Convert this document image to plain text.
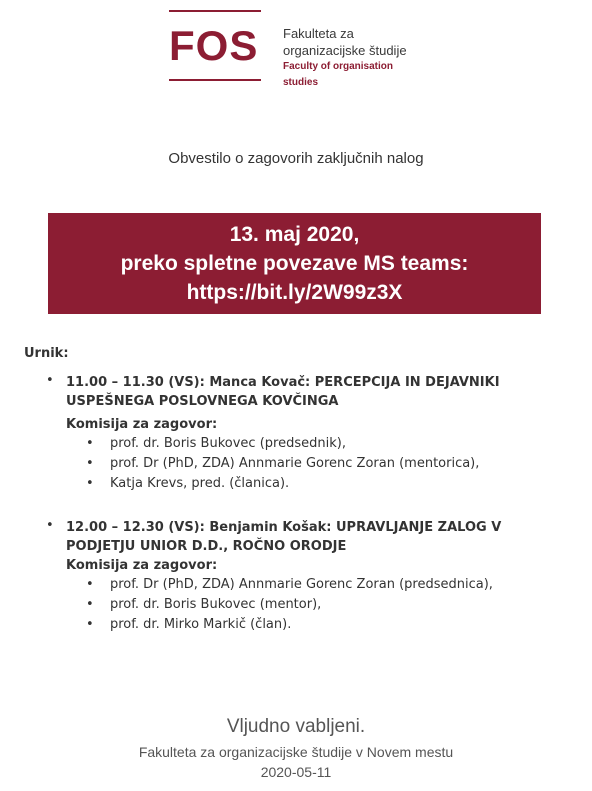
FOS Fakulteta za
organizacijske študije
Faculty of organisation studies
Obvestilo o zagovorih zaključnih nalog
13. maj 2020,
preko spletne povezave MS teams:
https://bit.ly/2W99z3X
Urnik:
• 11.00 – 11.30 (VS): Manca Kovač: PERCEPCIJA IN DEJAVNIKI USPEŠNEGA POSLOVNEGA KOVČINGA
Komisija za zagovor:
• prof. dr. Boris Bukovec (predsednik),
• prof. Dr (PhD, ZDA) Annmarie Gorenc Zoran (mentorica),
• Katja Krevs, pred. (članica).
• 12.00 – 12.30 (VS): Benjamin Košak: UPRAVLJANJE ZALOG V PODJETJU UNIOR D.D., ROČNO ORODJE
Komisija za zagovor:
• prof. Dr (PhD, ZDA) Annmarie Gorenc Zoran (predsednica),
• prof. dr. Boris Bukovec (mentor),
• prof. dr. Mirko Markič (član).
Vljudno vabljeni.
Fakulteta za organizacijske študije v Novem mestu
2020-05-11
